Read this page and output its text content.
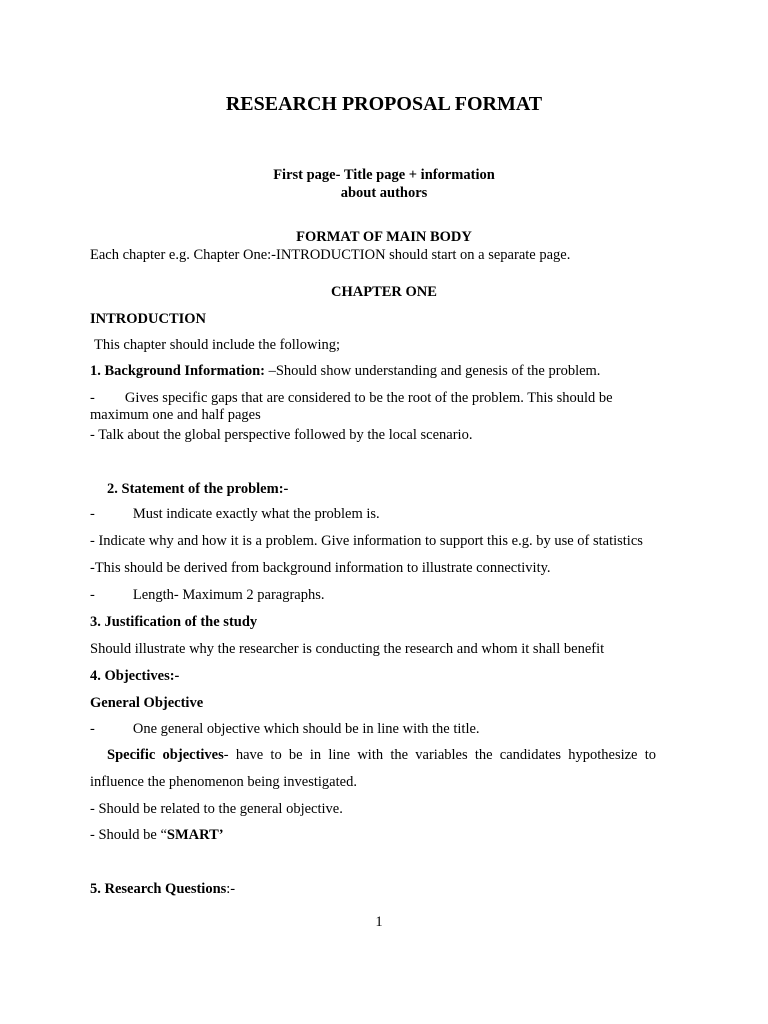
RESEARCH PROPOSAL FORMAT
First page- Title page + information
about authors
FORMAT OF MAIN BODY
Each chapter e.g. Chapter One:-INTRODUCTION should start on a separate page.
CHAPTER ONE
INTRODUCTION
This chapter should include the following;
1. Background Information: –Should show understanding and genesis of the problem.
- Gives specific gaps that are considered to be the root of the problem. This should be
maximum one and half pages
- Talk about the global perspective followed by the local scenario.
2. Statement of the problem:-
-	Must indicate exactly what the problem is.
- Indicate why and how it is a problem. Give information to support this e.g. by use of statistics
-This should be derived from background information to illustrate connectivity.
-	Length- Maximum 2 paragraphs.
3. Justification of the study
Should illustrate why the researcher is conducting the research and whom it shall benefit
4. Objectives:-
General Objective
-	One general objective which should be in line with the title.
Specific objectives- have to be in line with the variables the candidates hypothesize to
influence the phenomenon being investigated.
- Should be related to the general objective.
- Should be “SMART’
5. Research Questions:-
1
